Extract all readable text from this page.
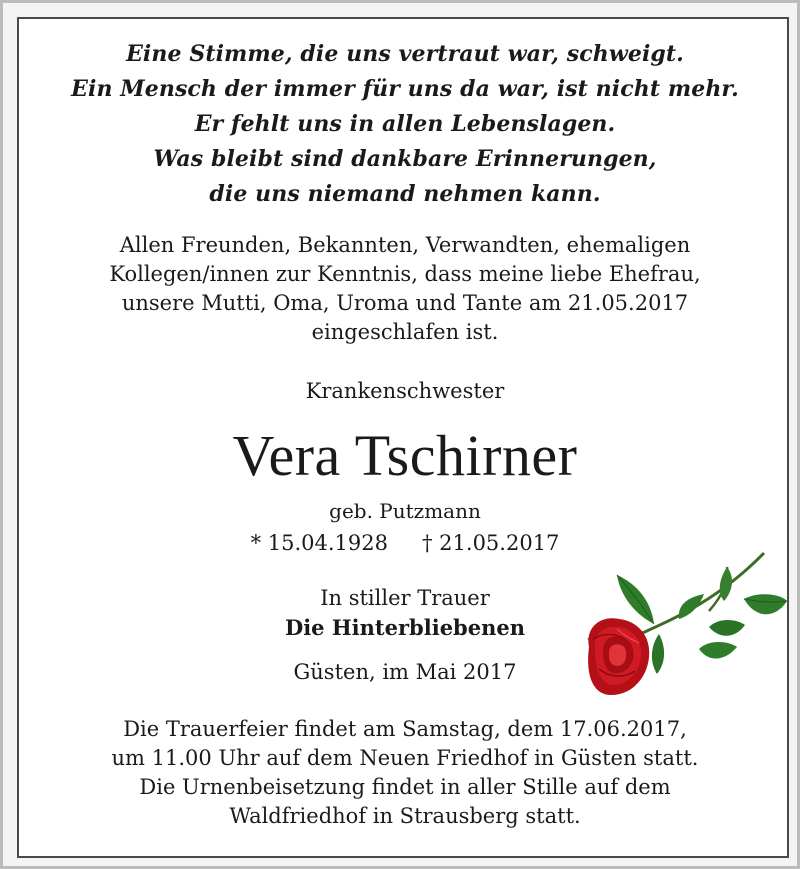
Eine Stimme, die uns vertraut war, schweigt.
Ein Mensch der immer für uns da war, ist nicht mehr.
Er fehlt uns in allen Lebenslagen.
Was bleibt sind dankbare Erinnerungen,
die uns niemand nehmen kann.
Allen Freunden, Bekannten, Verwandten, ehemaligen
Kollegen/innen zur Kenntnis, dass meine liebe Ehefrau,
unsere Mutti, Oma, Uroma und Tante am 21.05.2017
eingeschlafen ist.
Krankenschwester
Vera Tschirner
geb. Putzmann
* 15.04.1928 † 21.05.2017
In stiller Trauer
Die Hinterbliebenen
Güsten, im Mai 2017
Die Trauerfeier findet am Samstag, dem 17.06.2017,
um 11.00 Uhr auf dem Neuen Friedhof in Güsten statt.
Die Urnenbeisetzung findet in aller Stille auf dem
Waldfriedhof in Strausberg statt.
